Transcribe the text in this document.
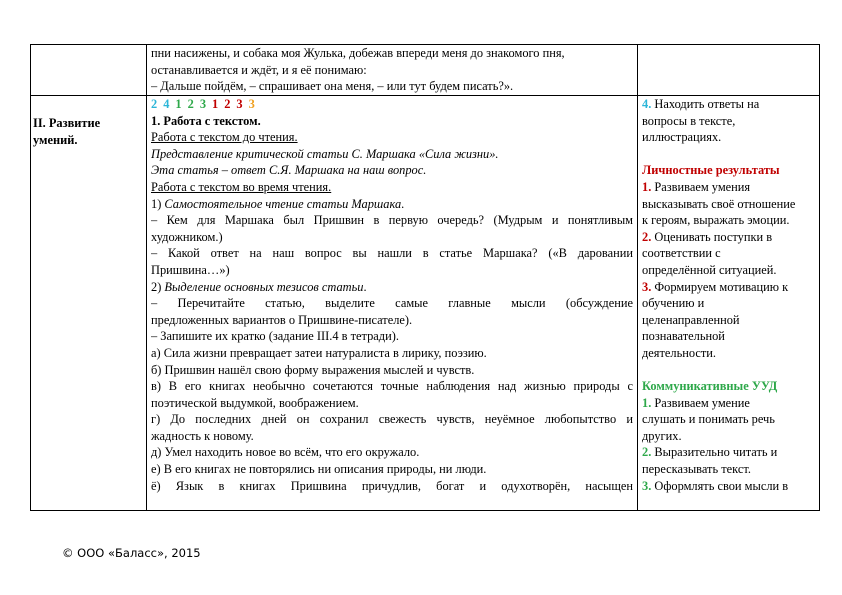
пни насижены, и собака моя Жулька, добежав впереди меня до знакомого пня,
останавливается и ждёт, и я её понимаю:
– Дальше пойдём, – спрашивает она меня, – или тут будем писать?».
II. Развитие
умений.
2 4 1 2 3 1 2 3 3
1. Работа с текстом.
Работа с текстом до чтения.
Представление критической статьи С. Маршака «Сила жизни».
Эта статья – ответ С.Я. Маршака на наш вопрос.
Работа с текстом во время чтения.
1) Самостоятельное чтение статьи Маршака.
– Кем для Маршака был Пришвин в первую очередь? (Мудрым и понятливым
художником.)
– Какой ответ на наш вопрос вы нашли в статье Маршака? («В даровании
Пришвина…»)
2) Выделение основных тезисов статьи.
– Перечитайте статью, выделите самые главные мысли (обсуждение
предложенных вариантов о Пришвине-писателе).
– Запишите их кратко (задание III.4 в тетради).
а) Сила жизни превращает затеи натуралиста в лирику, поэзию.
б) Пришвин нашёл свою форму выражения мыслей и чувств.
в) В его книгах необычно сочетаются точные наблюдения над жизнью природы с
поэтической выдумкой, воображением.
г) До последних дней он сохранил свежесть чувств, неуёмное любопытство и
жадность к новому.
д) Умел находить новое во всём, что его окружало.
е) В его книгах не повторялись ни описания природы, ни люди.
ё) Язык в книгах Пришвина причудлив, богат и одухотворён, насыщен
4. Находить ответы на
вопросы в тексте,
иллюстрациях.
Личностные результаты
1. Развиваем умения
высказывать своё отношение
к героям, выражать эмоции.
2. Оценивать поступки в
соответствии с
определённой ситуацией.
3. Формируем мотивацию к
обучению и
целенаправленной
познавательной
деятельности.
Коммуникативные УУД
1. Развиваем умение
слушать и понимать речь
других.
2. Выразительно читать и
пересказывать текст.
3. Оформлять свои мысли в
© ООО «Баласс», 2015
